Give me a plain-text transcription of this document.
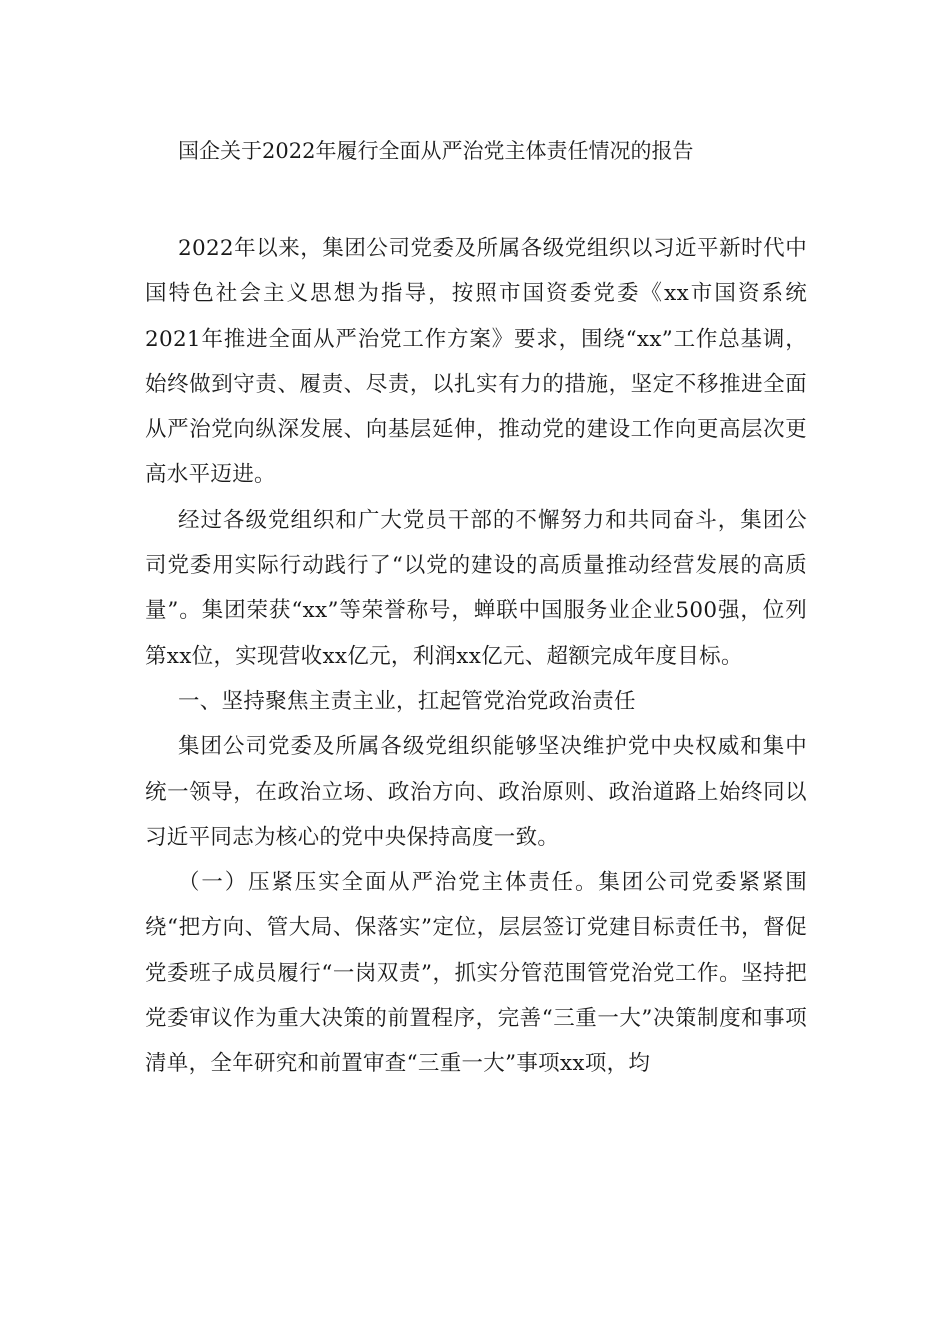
国企关于2022年履行全面从严治党主体责任情况的报告

2022年以来，集团公司党委及所属各级党组织以习近平新时代中国特色社会主义思想为指导，按照市国资委党委《xx市国资系统2021年推进全面从严治党工作方案》要求，围绕“xx”工作总基调，始终做到守责、履责、尽责，以扎实有力的措施，坚定不移推进全面从严治党向纵深发展、向基层延伸，推动党的建设工作向更高层次更高水平迈进。

经过各级党组织和广大党员干部的不懈努力和共同奋斗，集团公司党委用实际行动践行了“以党的建设的高质量推动经营发展的高质量”。集团荣获“xx”等荣誉称号，蝉联中国服务业企业500强，位列第xx位，实现营收xx亿元，利润xx亿元、超额完成年度目标。

一、坚持聚焦主责主业，扛起管党治党政治责任

集团公司党委及所属各级党组织能够坚决维护党中央权威和集中统一领导，在政治立场、政治方向、政治原则、政治道路上始终同以习近平同志为核心的党中央保持高度一致。

（一）压紧压实全面从严治党主体责任。集团公司党委紧紧围绕“把方向、管大局、保落实”定位，层层签订党建目标责任书，督促党委班子成员履行“一岗双责”，抓实分管范围管党治党工作。坚持把党委审议作为重大决策的前置程序，完善“三重一大”决策制度和事项清单，全年研究和前置审查“三重一大”事项xx项，均
